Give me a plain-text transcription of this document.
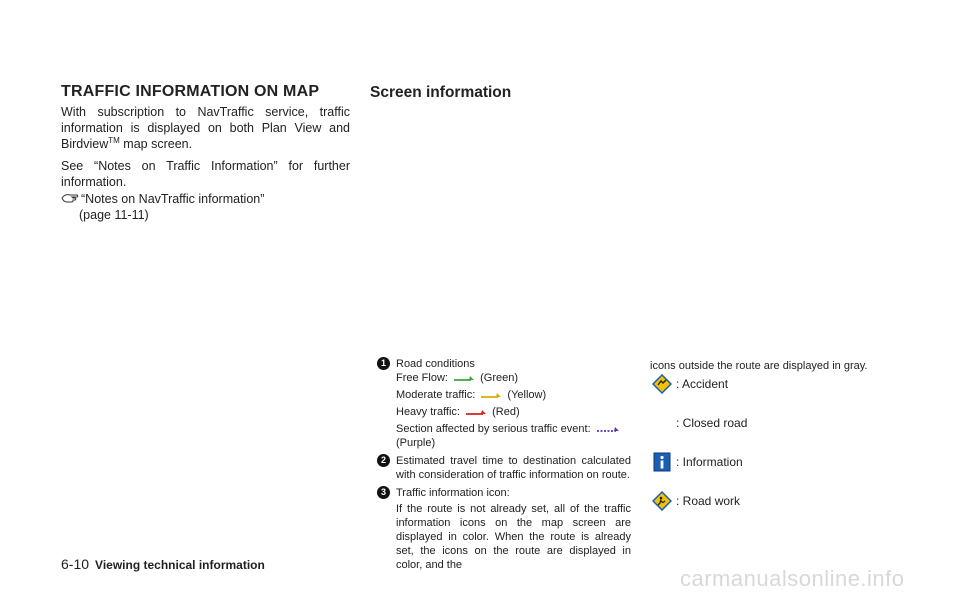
TRAFFIC INFORMATION ON MAP

With subscription to NavTraffic service, traffic information is displayed on both Plan View and Birdview™ map screen.

See “Notes on Traffic Information” for further information.

“Notes on NavTraffic information”
(page 11-11)
Screen information
1 Road conditions
Free Flow:	(Green)
Moderate traffic:	(Yellow)
Heavy traffic:	(Red)
Section affected by serious traffic event:
(Purple)
2 Estimated travel time to destination calculated with consideration of traffic information on route.
3 Traffic information icon:
If the route is not already set, all of the traffic information icons on the map screen are displayed in color. When the route is already set, the icons on the route are displayed in color, and the
icons outside the route are displayed in gray.
: Accident
: Closed road
: Information
: Road work
6-10 Viewing technical information
carmanualsonline.info
